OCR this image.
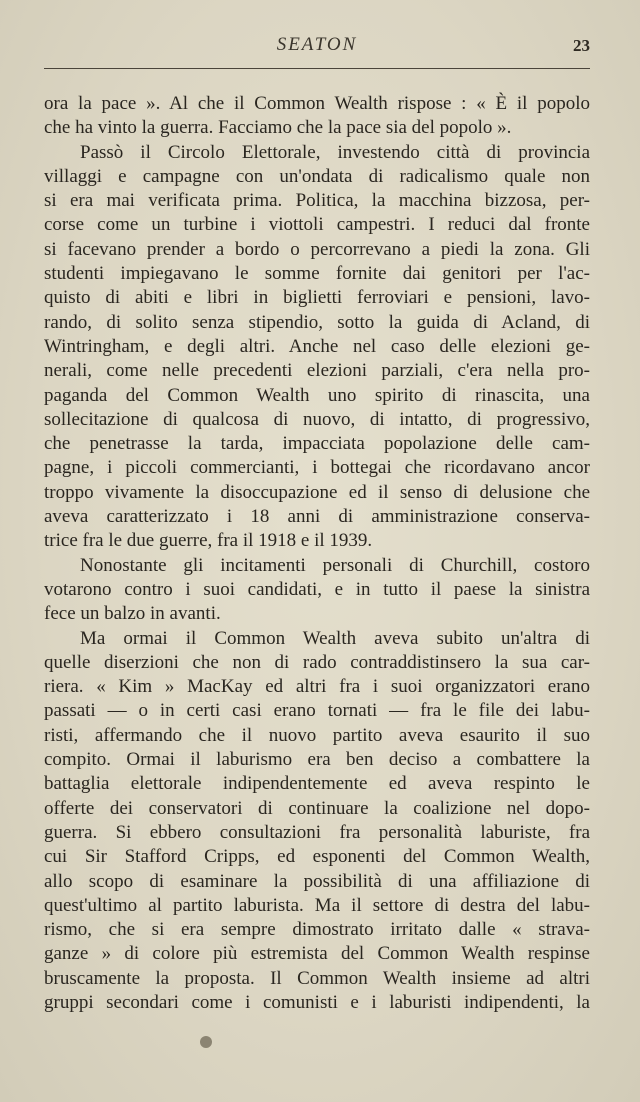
SEATON	23
ora la pace ». Al che il Common Wealth rispose : « È il popolo
che ha vinto la guerra. Facciamo che la pace sia del popolo ».
Passò il Circolo Elettorale, investendo città di provincia
villaggi e campagne con un'ondata di radicalismo quale non
si era mai verificata prima. Politica, la macchina bizzosa, per-
corse come un turbine i viottoli campestri. I reduci dal fronte
si facevano prender a bordo o percorrevano a piedi la zona. Gli
studenti impiegavano le somme fornite dai genitori per l'ac-
quisto di abiti e libri in biglietti ferroviari e pensioni, lavo-
rando, di solito senza stipendio, sotto la guida di Acland, di
Wintringham, e degli altri. Anche nel caso delle elezioni ge-
nerali, come nelle precedenti elezioni parziali, c'era nella pro-
paganda del Common Wealth uno spirito di rinascita, una
sollecitazione di qualcosa di nuovo, di intatto, di progressivo,
che penetrasse la tarda, impacciata popolazione delle cam-
pagne, i piccoli commercianti, i bottegai che ricordavano ancor
troppo vivamente la disoccupazione ed il senso di delusione che
aveva caratterizzato i 18 anni di amministrazione conserva-
trice fra le due guerre, fra il 1918 e il 1939.
Nonostante gli incitamenti personali di Churchill, costoro
votarono contro i suoi candidati, e in tutto il paese la sinistra
fece un balzo in avanti.
Ma ormai il Common Wealth aveva subito un'altra di
quelle diserzioni che non di rado contraddistinsero la sua car-
riera. « Kim » MacKay ed altri fra i suoi organizzatori erano
passati — o in certi casi erano tornati — fra le file dei labu-
risti, affermando che il nuovo partito aveva esaurito il suo
compito. Ormai il laburismo era ben deciso a combattere la
battaglia elettorale indipendentemente ed aveva respinto le
offerte dei conservatori di continuare la coalizione nel dopo-
guerra. Si ebbero consultazioni fra personalità laburiste, fra
cui Sir Stafford Cripps, ed esponenti del Common Wealth,
allo scopo di esaminare la possibilità di una affiliazione di
quest'ultimo al partito laburista. Ma il settore di destra del labu-
rismo, che si era sempre dimostrato irritato dalle « strava-
ganze » di colore più estremista del Common Wealth respinse
bruscamente la proposta. Il Common Wealth insieme ad altri
gruppi secondari come i comunisti e i laburisti indipendenti, la
